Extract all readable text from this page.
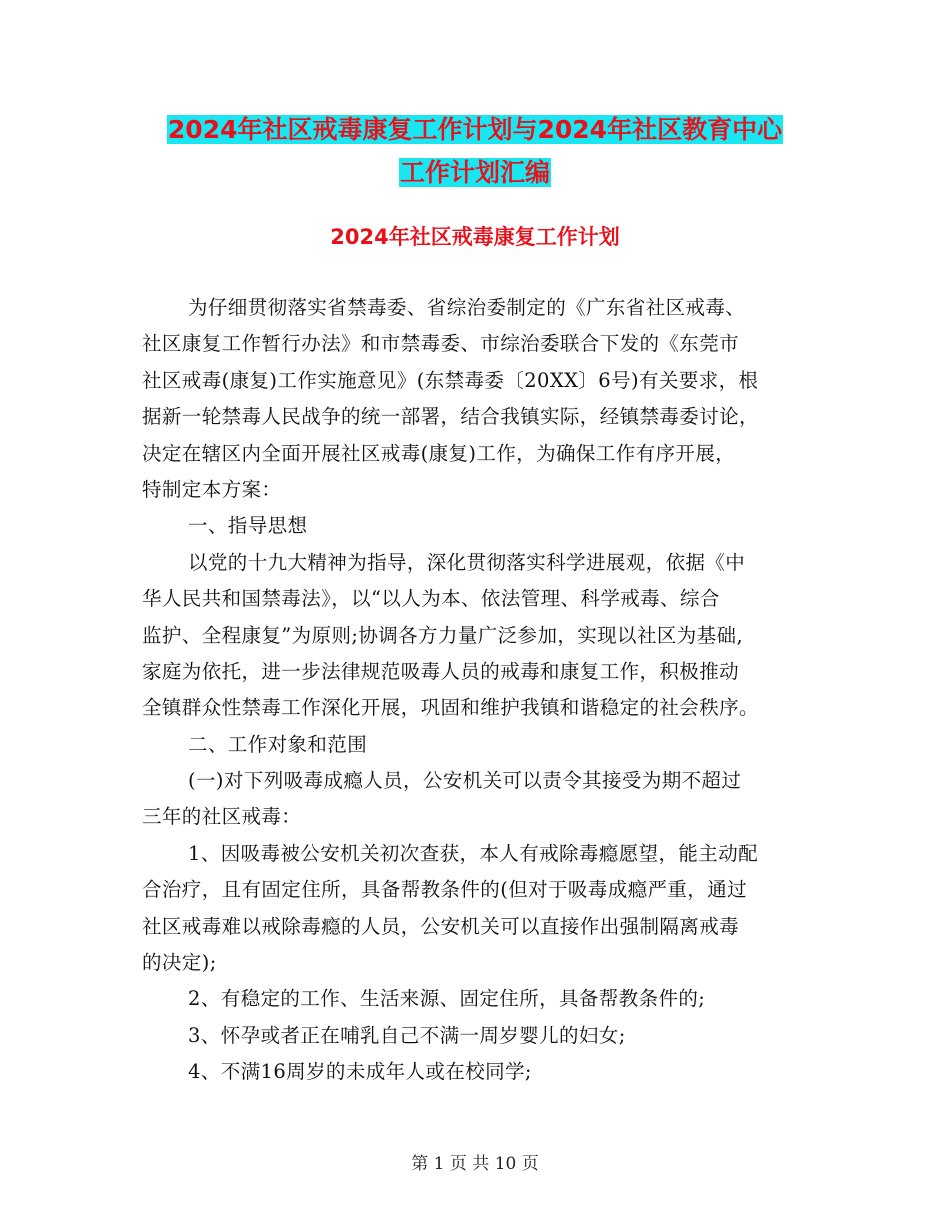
2024年社区戒毒康复工作计划与2024年社区教育中心
工作计划汇编
2024年社区戒毒康复工作计划
为仔细贯彻落实省禁毒委、省综治委制定的《广东省社区戒毒、
社区康复工作暂行办法》和市禁毒委、市综治委联合下发的《东莞市
社区戒毒(康复)工作实施意见》(东禁毒委〔20XX〕6号)有关要求，根
据新一轮禁毒人民战争的统一部署，结合我镇实际，经镇禁毒委讨论，
决定在辖区内全面开展社区戒毒(康复)工作，为确保工作有序开展，
特制定本方案：
一、指导思想
以党的十九大精神为指导，深化贯彻落实科学进展观，依据《中
华人民共和国禁毒法》，以“以人为本、依法管理、科学戒毒、综合
监护、全程康复”为原则;协调各方力量广泛参加，实现以社区为基础,
家庭为依托，进一步法律规范吸毒人员的戒毒和康复工作，积极推动
全镇群众性禁毒工作深化开展，巩固和维护我镇和谐稳定的社会秩序。
二、工作对象和范围
(一)对下列吸毒成瘾人员，公安机关可以责令其接受为期不超过
三年的社区戒毒：
1、因吸毒被公安机关初次查获，本人有戒除毒瘾愿望，能主动配
合治疗，且有固定住所，具备帮教条件的(但对于吸毒成瘾严重，通过
社区戒毒难以戒除毒瘾的人员，公安机关可以直接作出强制隔离戒毒
的决定);
2、有稳定的工作、生活来源、固定住所，具备帮教条件的;
3、怀孕或者正在哺乳自己不满一周岁婴儿的妇女;
4、不满16周岁的未成年人或在校同学;
第 1 页 共 10 页
